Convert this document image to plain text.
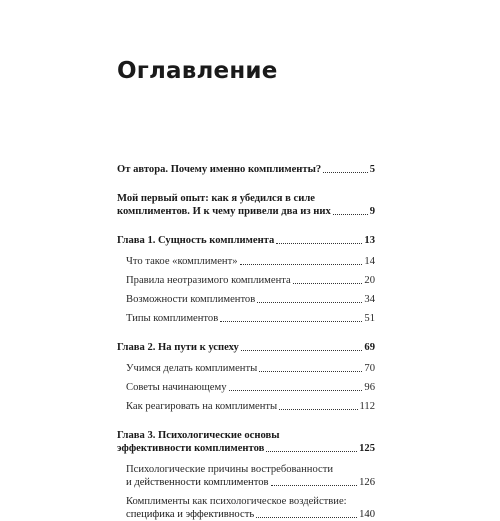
Оглавление
От автора. Почему именно комплименты?	5
Мой первый опыт: как я убедился в силе
комплиментов. И к чему привели два из них	9
Глава 1. Сущность комплимента	13
Что такое «комплимент»	14
Правила неотразимого комплимента	20
Возможности комплиментов	34
Типы комплиментов	51
Глава 2. На пути к успеху	69
Учимся делать комплименты	70
Советы начинающему	96
Как реагировать на комплименты	112
Глава 3. Психологические основы
эффективности комплиментов	125
Психологические причины востребованности
и действенности комплиментов	126
Комплименты как психологическое воздействие:
специфика и эффективность	140
